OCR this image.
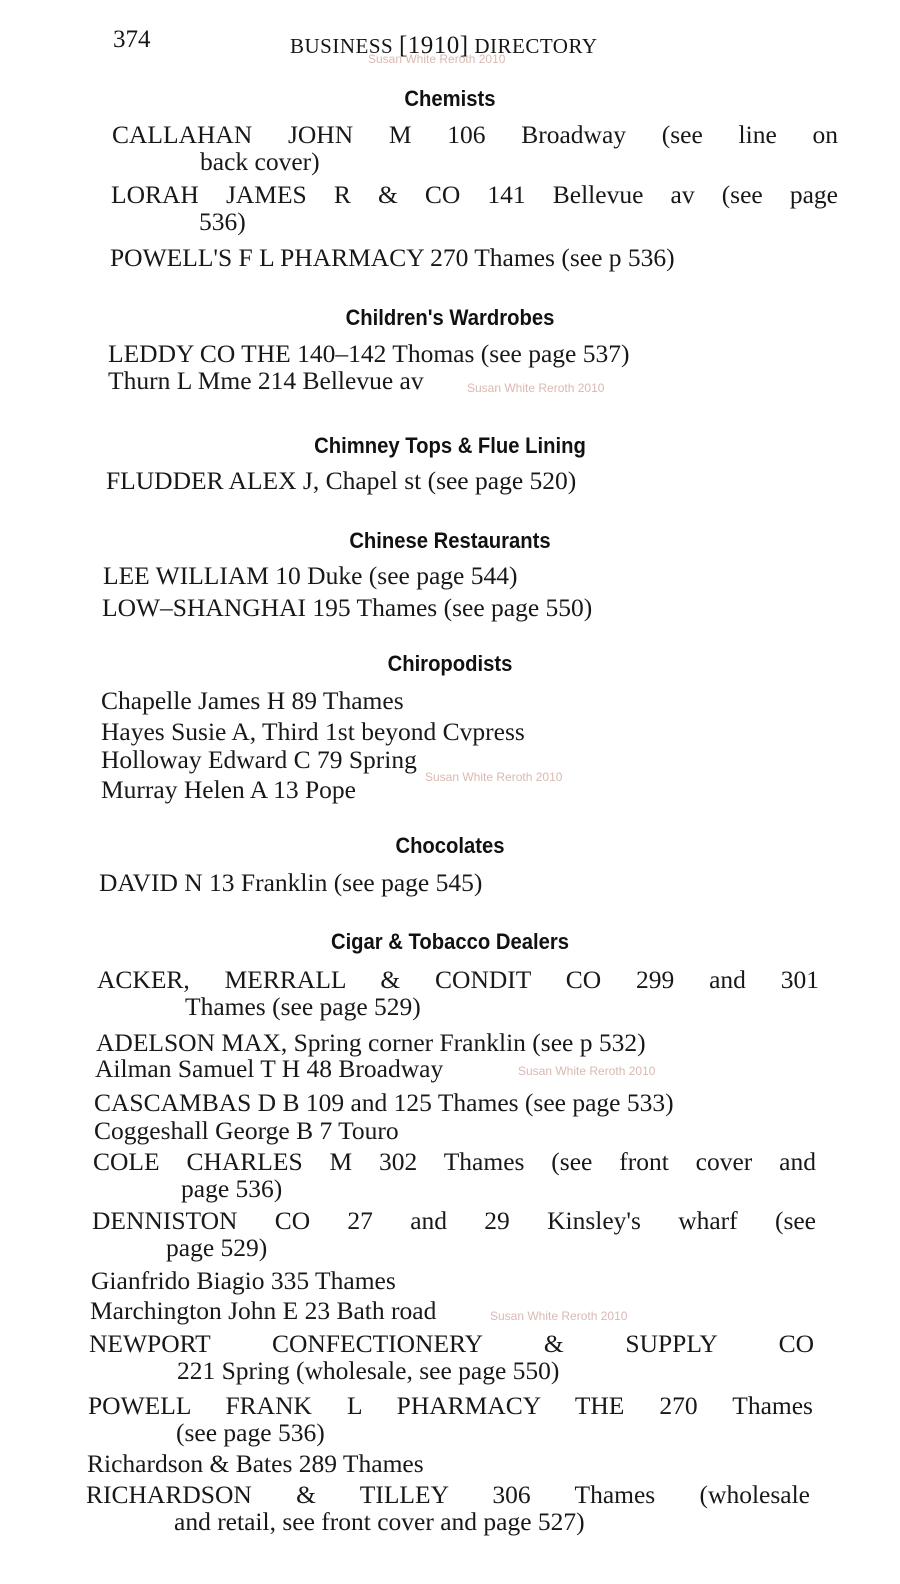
374	BUSINESS [1910] DIRECTORY
Susan White Reroth 2010
Susan White Reroth 2010
Susan White Reroth 2010
Susan White Reroth 2010
Susan White Reroth 2010
Chemists
CALLAHAN JOHN M 106 Broadway (see line on
back cover)
LORAH JAMES R & CO 141 Bellevue av (see page
536)
POWELL'S F L PHARMACY 270 Thames (see p 536)
Children's Wardrobes
LEDDY CO THE 140–142 Thomas (see page 537)
Thurn L Mme 214 Bellevue av
Chimney Tops & Flue Lining
FLUDDER ALEX J, Chapel st (see page 520)
Chinese Restaurants
LEE WILLIAM 10 Duke (see page 544)
LOW–SHANGHAI 195 Thames (see page 550)
Chiropodists
Chapelle James H 89 Thames
Hayes Susie A, Third 1st beyond Cvpress
Holloway Edward C 79 Spring
Murray Helen A 13 Pope
Chocolates
DAVID N 13 Franklin (see page 545)
Cigar & Tobacco Dealers
ACKER, MERRALL & CONDIT CO 299 and 301
Thames (see page 529)
ADELSON MAX, Spring corner Franklin (see p 532)
Ailman Samuel T H 48 Broadway
CASCAMBAS D B 109 and 125 Thames (see page 533)
Coggeshall George B 7 Touro
COLE CHARLES M 302 Thames (see front cover and
page 536)
DENNISTON CO 27 and 29 Kinsley's wharf (see
page 529)
Gianfrido Biagio 335 Thames
Marchington John E 23 Bath road
NEWPORT CONFECTIONERY & SUPPLY CO
221 Spring (wholesale, see page 550)
POWELL FRANK L PHARMACY THE 270 Thames
(see page 536)
Richardson & Bates 289 Thames
RICHARDSON & TILLEY 306 Thames (wholesale
and retail, see front cover and page 527)
